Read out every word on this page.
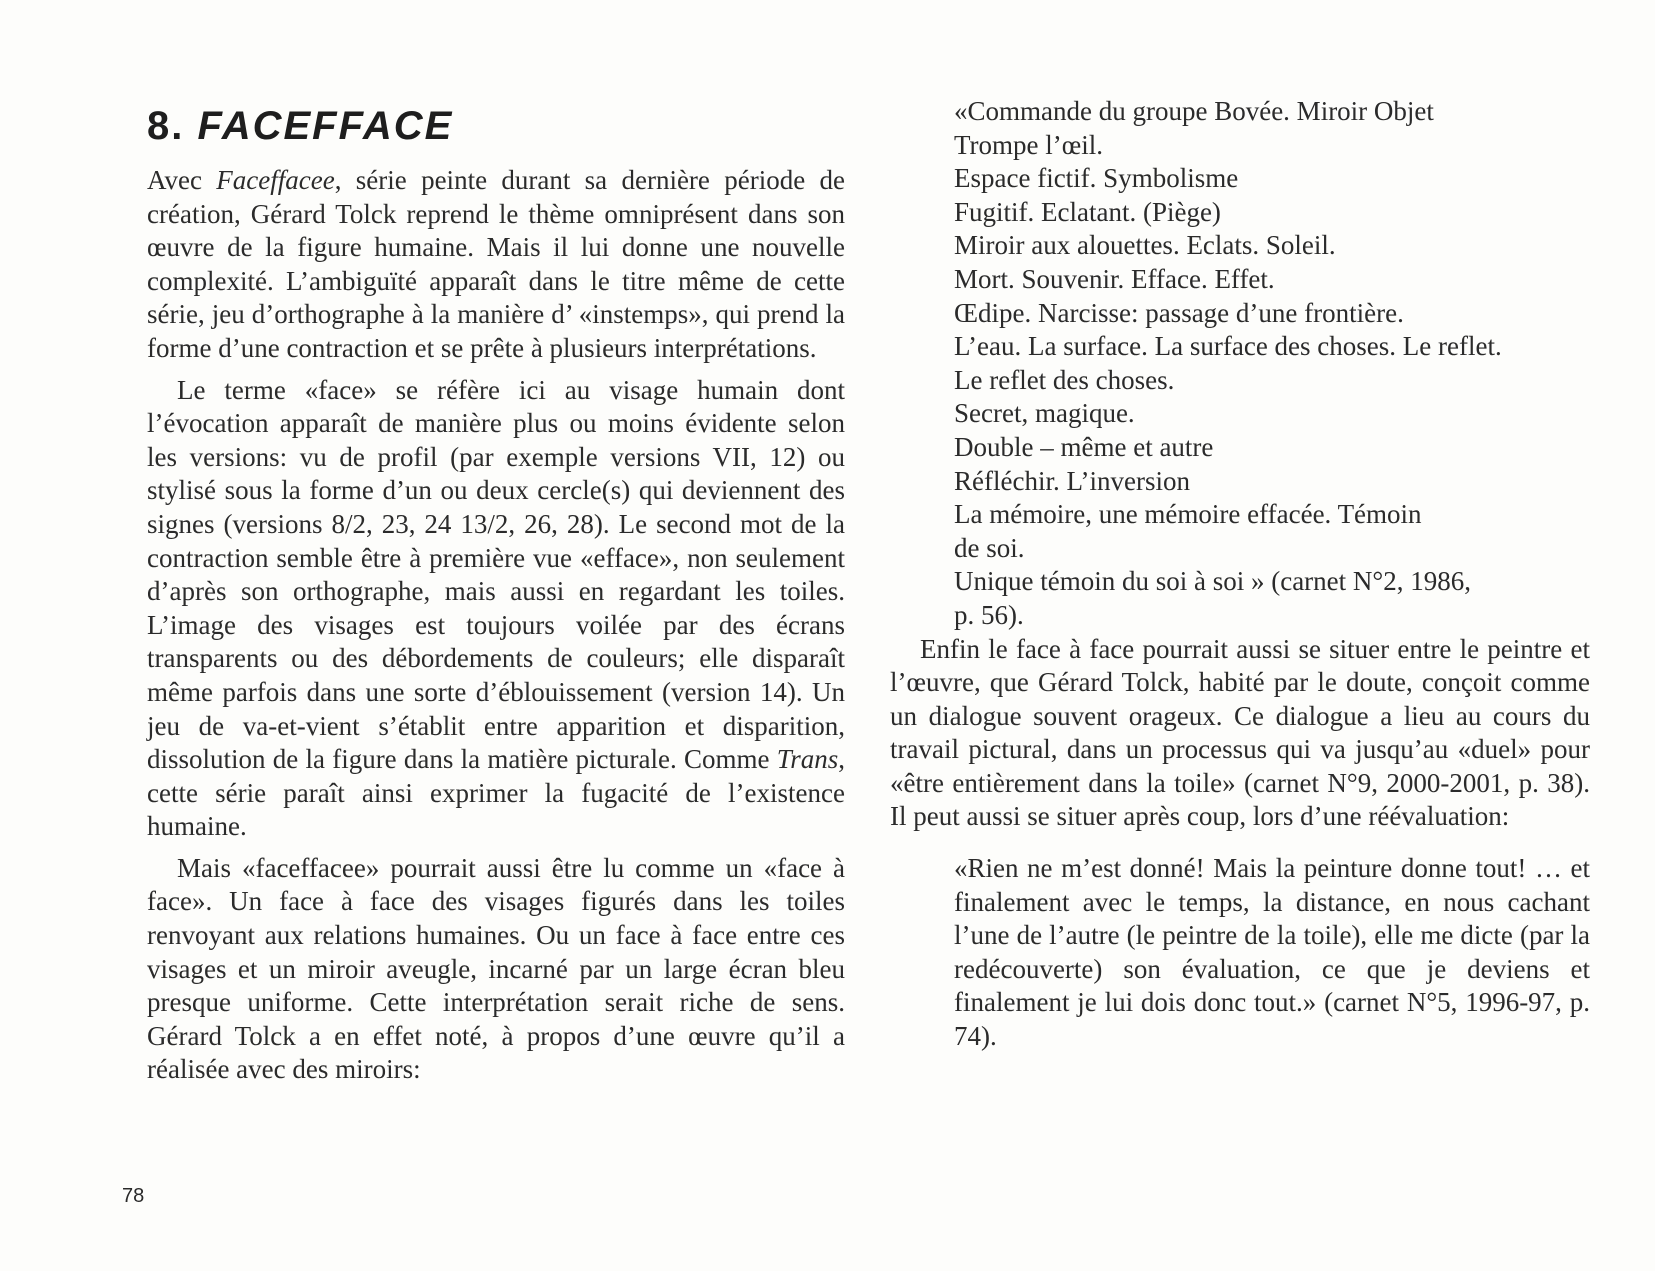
8. FACEFFACE

Avec Faceffacee, série peinte durant sa dernière période de création, Gérard Tolck reprend le thème omniprésent dans son œuvre de la figure humaine. Mais il lui donne une nouvelle complexité. L’ambiguïté apparaît dans le titre même de cette série, jeu d’orthographe à la manière d’ «instemps», qui prend la forme d’une contraction et se prête à plusieurs interprétations.

Le terme «face» se réfère ici au visage humain dont l’évocation apparaît de manière plus ou moins évidente selon les versions: vu de profil (par exemple versions VII, 12) ou stylisé sous la forme d’un ou deux cercle(s) qui deviennent des signes (versions 8/2, 23, 24 13/2, 26, 28). Le second mot de la contraction semble être à première vue «efface», non seulement d’après son orthographe, mais aussi en regardant les toiles. L’image des visages est toujours voilée par des écrans transparents ou des débordements de couleurs; elle disparaît même parfois dans une sorte d’éblouissement (version 14). Un jeu de va-et-vient s’établit entre apparition et disparition, dissolution de la figure dans la matière picturale. Comme Trans, cette série paraît ainsi exprimer la fugacité de l’existence humaine.

Mais «faceffacee» pourrait aussi être lu comme un «face à face». Un face à face des visages figurés dans les toiles renvoyant aux relations humaines. Ou un face à face entre ces visages et un miroir aveugle, incarné par un large écran bleu presque uniforme. Cette interprétation serait riche de sens. Gérard Tolck a en effet noté, à propos d’une œuvre qu’il a réalisée avec des miroirs:

«Commande du groupe Bovée. Miroir Objet
Trompe l’œil.
Espace fictif. Symbolisme
Fugitif. Eclatant. (Piège)
Miroir aux alouettes. Eclats. Soleil.
Mort. Souvenir. Efface. Effet.
Œdipe. Narcisse: passage d’une frontière.
L’eau. La surface. La surface des choses. Le reflet.
Le reflet des choses.
Secret, magique.
Double – même et autre
Réfléchir. L’inversion
La mémoire, une mémoire effacée. Témoin
de soi.
Unique témoin du soi à soi » (carnet N°2, 1986,
p. 56).

Enfin le face à face pourrait aussi se situer entre le peintre et l’œuvre, que Gérard Tolck, habité par le doute, conçoit comme un dialogue souvent orageux. Ce dialogue a lieu au cours du travail pictural, dans un processus qui va jusqu’au «duel» pour «être entièrement dans la toile» (carnet N°9, 2000-2001, p. 38). Il peut aussi se situer après coup, lors d’une réévaluation:

«Rien ne m’est donné! Mais la peinture donne tout! … et finalement avec le temps, la distance, en nous cachant l’une de l’autre (le peintre de la toile), elle me dicte (par la redécouverte) son évaluation, ce que je deviens et finalement je lui dois donc tout.» (carnet N°5, 1996-97, p. 74).

78
